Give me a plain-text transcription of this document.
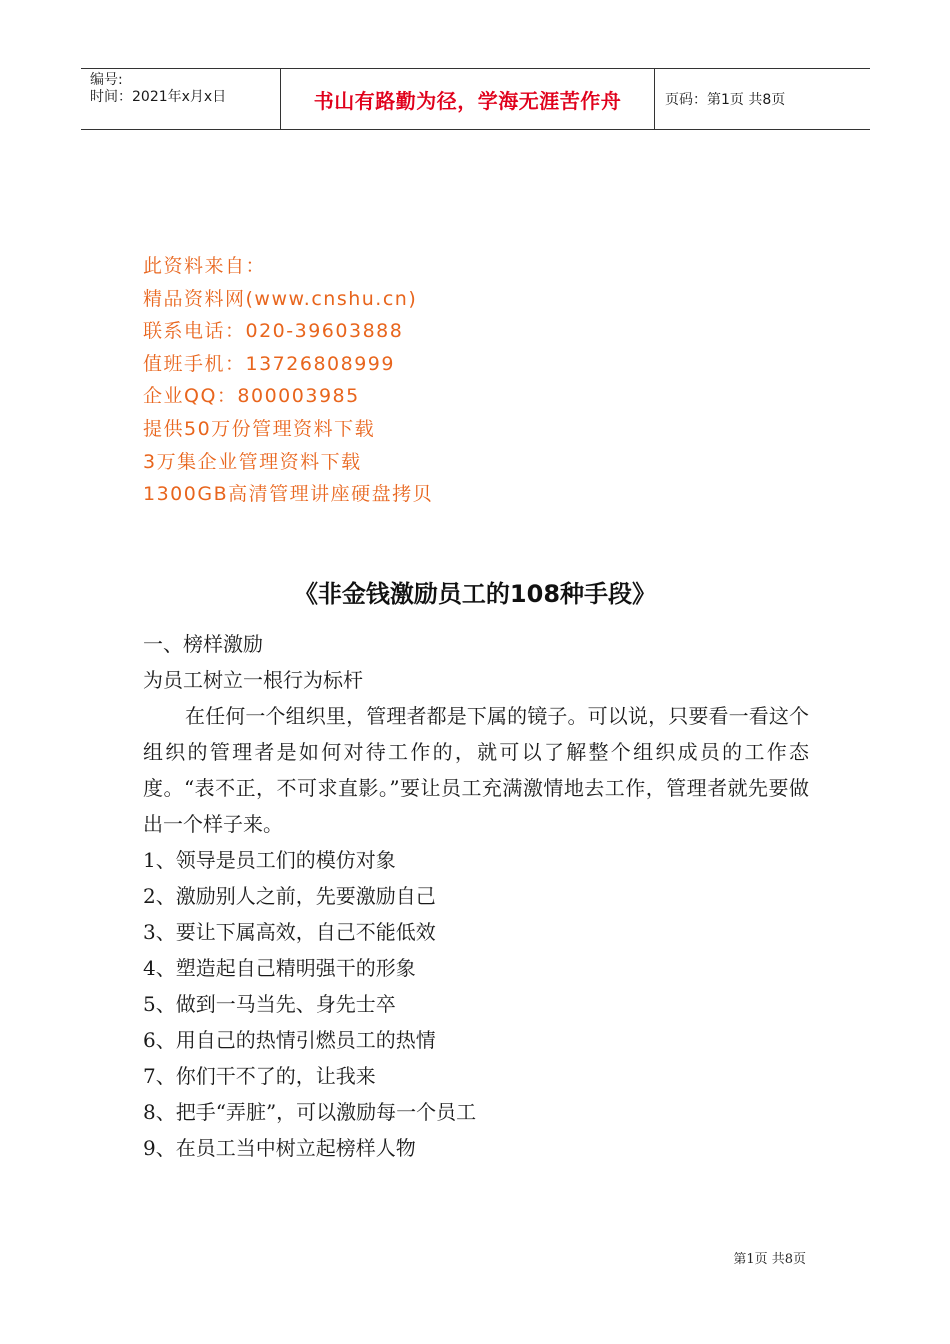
编号:
时间：2021年x月x日	书山有路勤为径，学海无涯苦作舟	页码：第1页 共8页
此资料来自：
精品资料网(www.cnshu.cn)
联系电话：020-39603888
值班手机：13726808999
企业QQ：800003985
提供50万份管理资料下载
3万集企业管理资料下载
1300GB高清管理讲座硬盘拷贝
《非金钱激励员工的108种手段》
一、榜样激励
为员工树立一根行为标杆
在任何一个组织里，管理者都是下属的镜子。可以说，只要看一看这个组织的管理者是如何对待工作的，就可以了解整个组织成员的工作态度。“表不正，不可求直影。”要让员工充满激情地去工作，管理者就先要做出一个样子来。
1、领导是员工们的模仿对象
2、激励别人之前，先要激励自己
3、要让下属高效，自己不能低效
4、塑造起自己精明强干的形象
5、做到一马当先、身先士卒
6、用自己的热情引燃员工的热情
7、你们干不了的，让我来
8、把手“弄脏”，可以激励每一个员工
9、在员工当中树立起榜样人物
第1页 共8页
